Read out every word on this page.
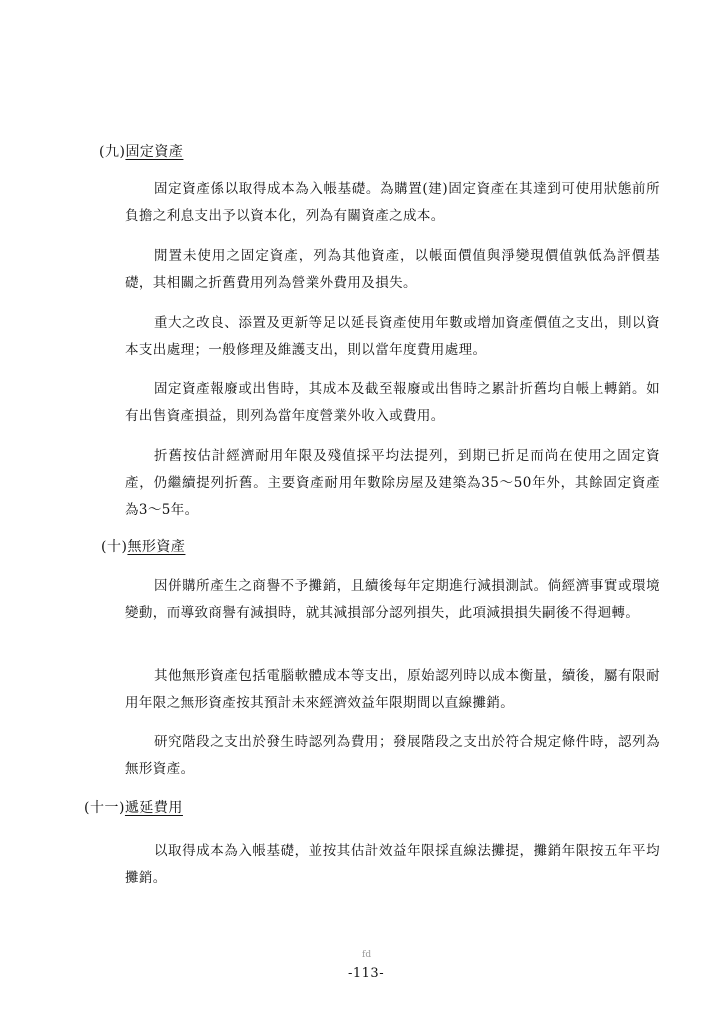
(九)固定資產

固定資產係以取得成本為入帳基礎。為購置(建)固定資產在其達到可使用狀態前所負擔之利息支出予以資本化，列為有關資產之成本。

閒置未使用之固定資產，列為其他資產，以帳面價值與淨變現價值孰低為評價基礎，其相關之折舊費用列為營業外費用及損失。

重大之改良、添置及更新等足以延長資產使用年數或增加資產價值之支出，則以資本支出處理；一般修理及維護支出，則以當年度費用處理。

固定資產報廢或出售時，其成本及截至報廢或出售時之累計折舊均自帳上轉銷。如有出售資產損益，則列為當年度營業外收入或費用。

折舊按估計經濟耐用年限及殘值採平均法提列，到期已折足而尚在使用之固定資產，仍繼續提列折舊。主要資產耐用年數除房屋及建築為35～50年外，其餘固定資產為3～5年。

(十)無形資產

因併購所產生之商譽不予攤銷，且續後每年定期進行減損測試。倘經濟事實或環境變動，而導致商譽有減損時，就其減損部分認列損失，此項減損損失嗣後不得迴轉。

其他無形資產包括電腦軟體成本等支出，原始認列時以成本衡量，續後，屬有限耐用年限之無形資產按其預計未來經濟效益年限期間以直線攤銷。

研究階段之支出於發生時認列為費用；發展階段之支出於符合規定條件時，認列為無形資產。

(十一)遞延費用

以取得成本為入帳基礎，並按其估計效益年限採直線法攤提，攤銷年限按五年平均攤銷。

fd
-113-
